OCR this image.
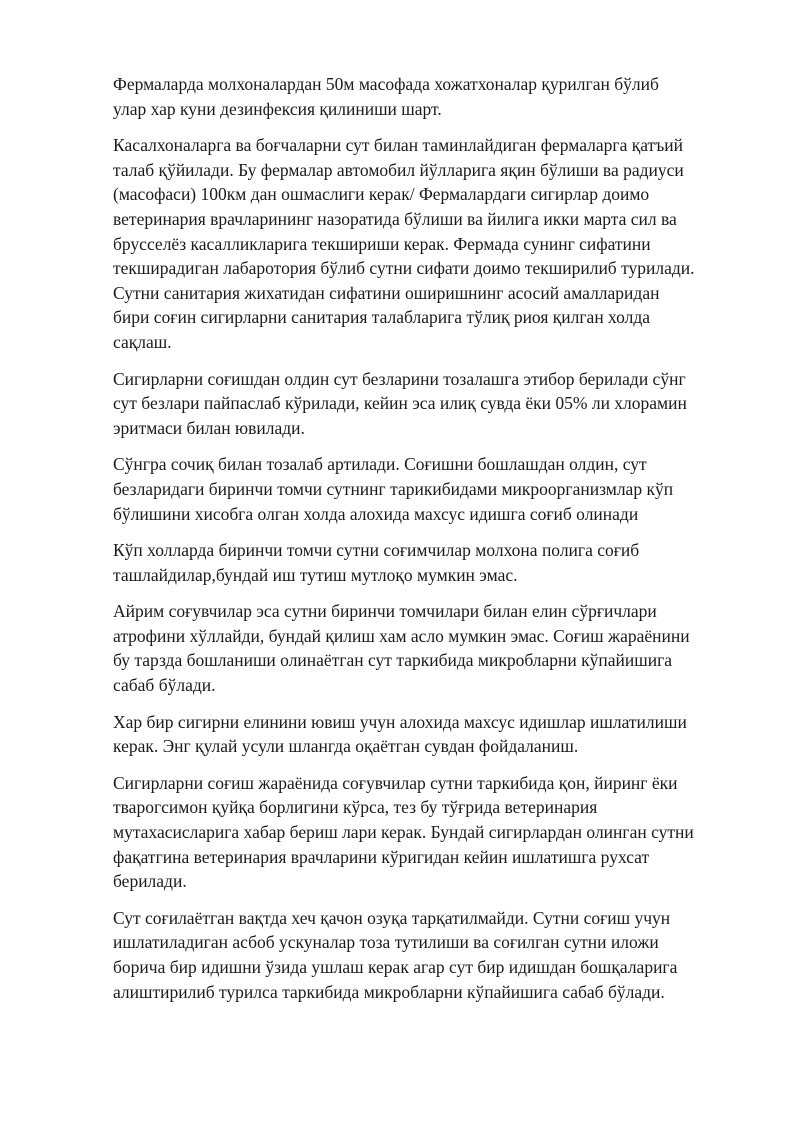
Фермаларда молхоналардан 50м масофада хожатхоналар қурилган бўлиб
улар хар куни дезинфексия қилиниши шарт.

Касалхоналарга ва боғчаларни сут билан таминлайдиган фермаларга қатъий
талаб қўйилади. Бу фермалар автомобил йўлларига яқин бўлиши ва радиуси
(масофаси) 100км дан ошмаслиги керак/ Фермалардаги сигирлар доимо
ветеринария врачларининг назоратида бўлиши ва йилига икки марта сил ва
брусселёз касалликларига текшириши керак. Фермада сунинг сифатини
текширадиган лабаротория бўлиб сутни сифати доимо текширилиб турилади.
Сутни санитария жихатидан сифатини оширишнинг асосий амалларидан
бири соғин сигирларни санитария талабларига тўлиқ риоя қилган холда
сақлаш.

Сигирларни соғишдан олдин сут безларини тозалашга этибор берилади сўнг
сут безлари пайпаслаб кўрилади, кейин эса илиқ сувда ёки 05% ли хлорамин
эритмаси билан ювилади.

Сўнгра сочиқ билан тозалаб артилади. Соғишни бошлашдан олдин, сут
безларидаги биринчи томчи сутнинг тарикибидами микроорганизмлар кўп
бўлишини хисобга олган холда алохида махсус идишга соғиб олинади

Кўп холларда биринчи томчи сутни соғимчилар молхона полига соғиб
ташлайдилар,бундай иш тутиш мутлоқо мумкин эмас.

Айрим соғувчилар эса сутни биринчи томчилари билан елин сўрғичлари
атрофини хўллайди, бундай қилиш хам асло мумкин эмас. Соғиш жараёнини
бу тарзда бошланиши олинаётган сут таркибида микробларни кўпайишига
сабаб бўлади.

Хар бир сигирни елинини ювиш учун алохида махсус идишлар ишлатилиши
керак. Энг қулай усули шлангда оқаётган сувдан фойдаланиш.

Сигирларни соғиш жараёнида соғувчилар сутни таркибида қон, йиринг ёки
тварогсимон қуйқа борлигини кўрса, тез бу тўғрида ветеринария
мутахасисларига хабар бериш лари керак. Бундай сигирлардан олинган сутни
фақатгина ветеринария врачларини кўригидан кейин ишлатишга рухсат
берилади.

Сут соғилаётган вақтда хеч қачон озуқа тарқатилмайди. Сутни соғиш учун
ишлатиладиган асбоб ускуналар тоза тутилиши ва соғилган сутни иложи
борича бир идишни ўзида ушлаш керак агар сут бир идишдан бошқаларига
алиштирилиб турилса таркибида микробларни кўпайишига сабаб бўлади.
